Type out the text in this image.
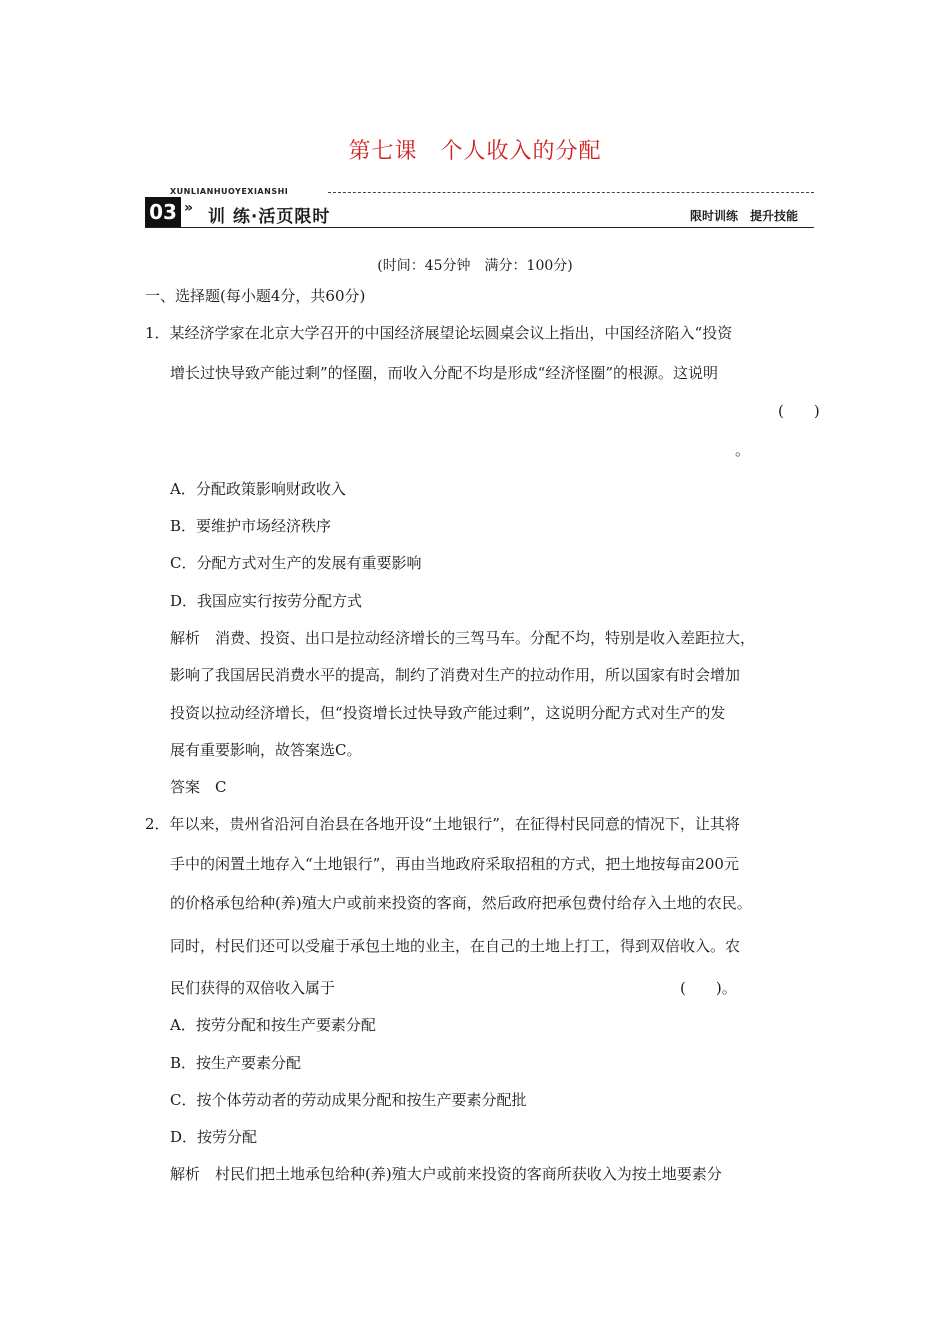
第七课　个人收入的分配
XUNLIANHUOYEXIANSHI
03 » 训 练·活页限时	限时训练　提升技能
(时间：45分钟　满分：100分)
一、选择题(每小题4分，共60分)
1．某经济学家在北京大学召开的中国经济展望论坛圆桌会议上指出，中国经济陷入“投资
增长过快导致产能过剩”的怪圈，而收入分配不均是形成“经济怪圈”的根源。这说明
(　　)
。
A．分配政策影响财政收入
B．要维护市场经济秩序
C．分配方式对生产的发展有重要影响
D．我国应实行按劳分配方式
解析　消费、投资、出口是拉动经济增长的三驾马车。分配不均，特别是收入差距拉大，
影响了我国居民消费水平的提高，制约了消费对生产的拉动作用，所以国家有时会增加
投资以拉动经济增长，但“投资增长过快导致产能过剩”，这说明分配方式对生产的发
展有重要影响，故答案选C。
答案　C
2．年以来，贵州省沿河自治县在各地开设“土地银行”，在征得村民同意的情况下，让其将
手中的闲置土地存入“土地银行”，再由当地政府采取招租的方式，把土地按每亩200元
的价格承包给种(养)殖大户或前来投资的客商，然后政府把承包费付给存入土地的农民。
同时，村民们还可以受雇于承包土地的业主，在自己的土地上打工，得到双倍收入。农
民们获得的双倍收入属于	(　　)。
A．按劳分配和按生产要素分配
B．按生产要素分配
C．按个体劳动者的劳动成果分配和按生产要素分配批
D．按劳分配
解析　村民们把土地承包给种(养)殖大户或前来投资的客商所获收入为按土地要素分
